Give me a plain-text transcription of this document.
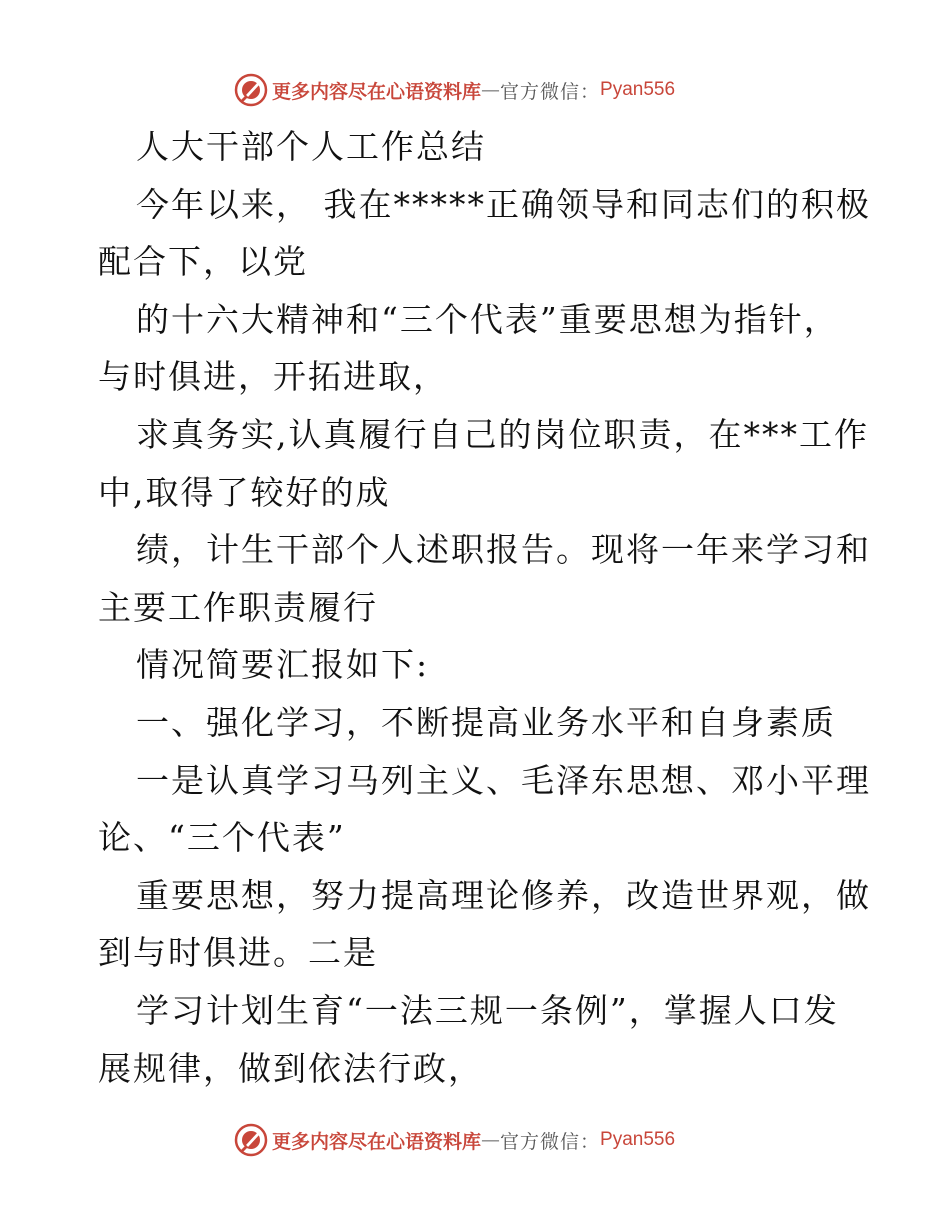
更多内容尽在心语资料库 — 官方微信： Pyan556
人大干部个人工作总结
今年以来， 我在*****正确领导和同志们的积极
配合下，以党
的十六大精神和“三个代表”重要思想为指针，
与时俱进，开拓进取，
求真务实,认真履行自己的岗位职责，在***工作
中,取得了较好的成
绩，计生干部个人述职报告。现将一年来学习和
主要工作职责履行
情况简要汇报如下:
一、强化学习，不断提高业务水平和自身素质
一是认真学习马列主义、毛泽东思想、邓小平理
论、“三个代表”
重要思想，努力提高理论修养，改造世界观，做
到与时俱进。二是
学习计划生育“一法三规一条例”，掌握人口发
展规律，做到依法行政，
更多内容尽在心语资料库 — 官方微信： Pyan556
